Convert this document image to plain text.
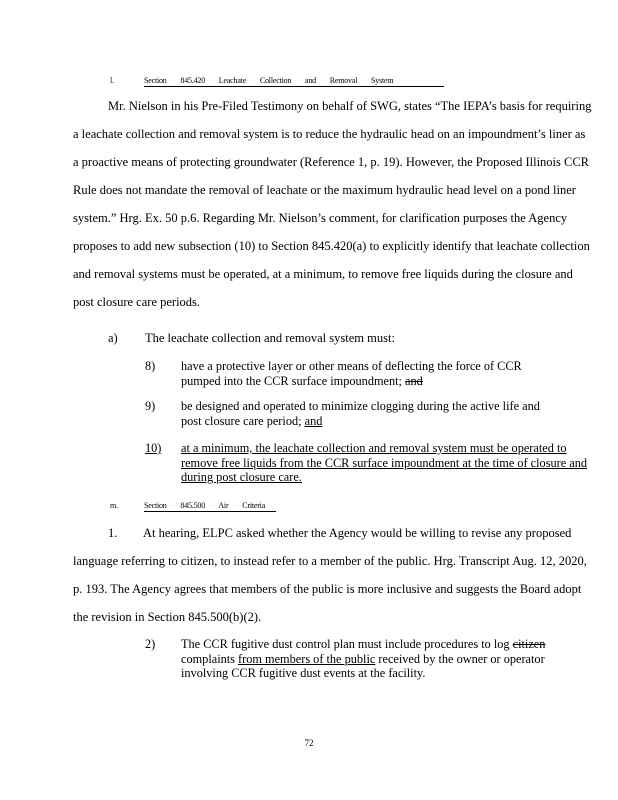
l.	Section 845.420 Leachate Collection and Removal System

Mr. Nielson in his Pre-Filed Testimony on behalf of SWG, states “The IEPA’s basis for requiring a leachate collection and removal system is to reduce the hydraulic head on an impoundment’s liner as a proactive means of protecting groundwater (Reference 1, p. 19). However, the Proposed Illinois CCR Rule does not mandate the removal of leachate or the maximum hydraulic head level on a pond liner system.” Hrg. Ex. 50 p.6. Regarding Mr. Nielson’s comment, for clarification purposes the Agency proposes to add new subsection (10) to Section 845.420(a) to explicitly identify that leachate collection and removal systems must be operated, at a minimum, to remove free liquids during the closure and post closure care periods.

a) The leachate collection and removal system must:
8) have a protective layer or other means of deflecting the force of CCR
pumped into the CCR surface impoundment; and
9) be designed and operated to minimize clogging during the active life and
post closure care period; and
10) at a minimum, the leachate collection and removal system must be operated to remove free liquids from the CCR surface impoundment at the time of closure and during post closure care.
m.	Section 845.500 Air Criteria

1. At hearing, ELPC asked whether the Agency would be willing to revise any proposed language referring to citizen, to instead refer to a member of the public. Hrg. Transcript Aug. 12, 2020, p. 193. The Agency agrees that members of the public is more inclusive and suggests the Board adopt the revision in Section 845.500(b)(2).

2) The CCR fugitive dust control plan must include procedures to log citizen complaints from members of the public received by the owner or operator involving CCR fugitive dust events at the facility.
72
